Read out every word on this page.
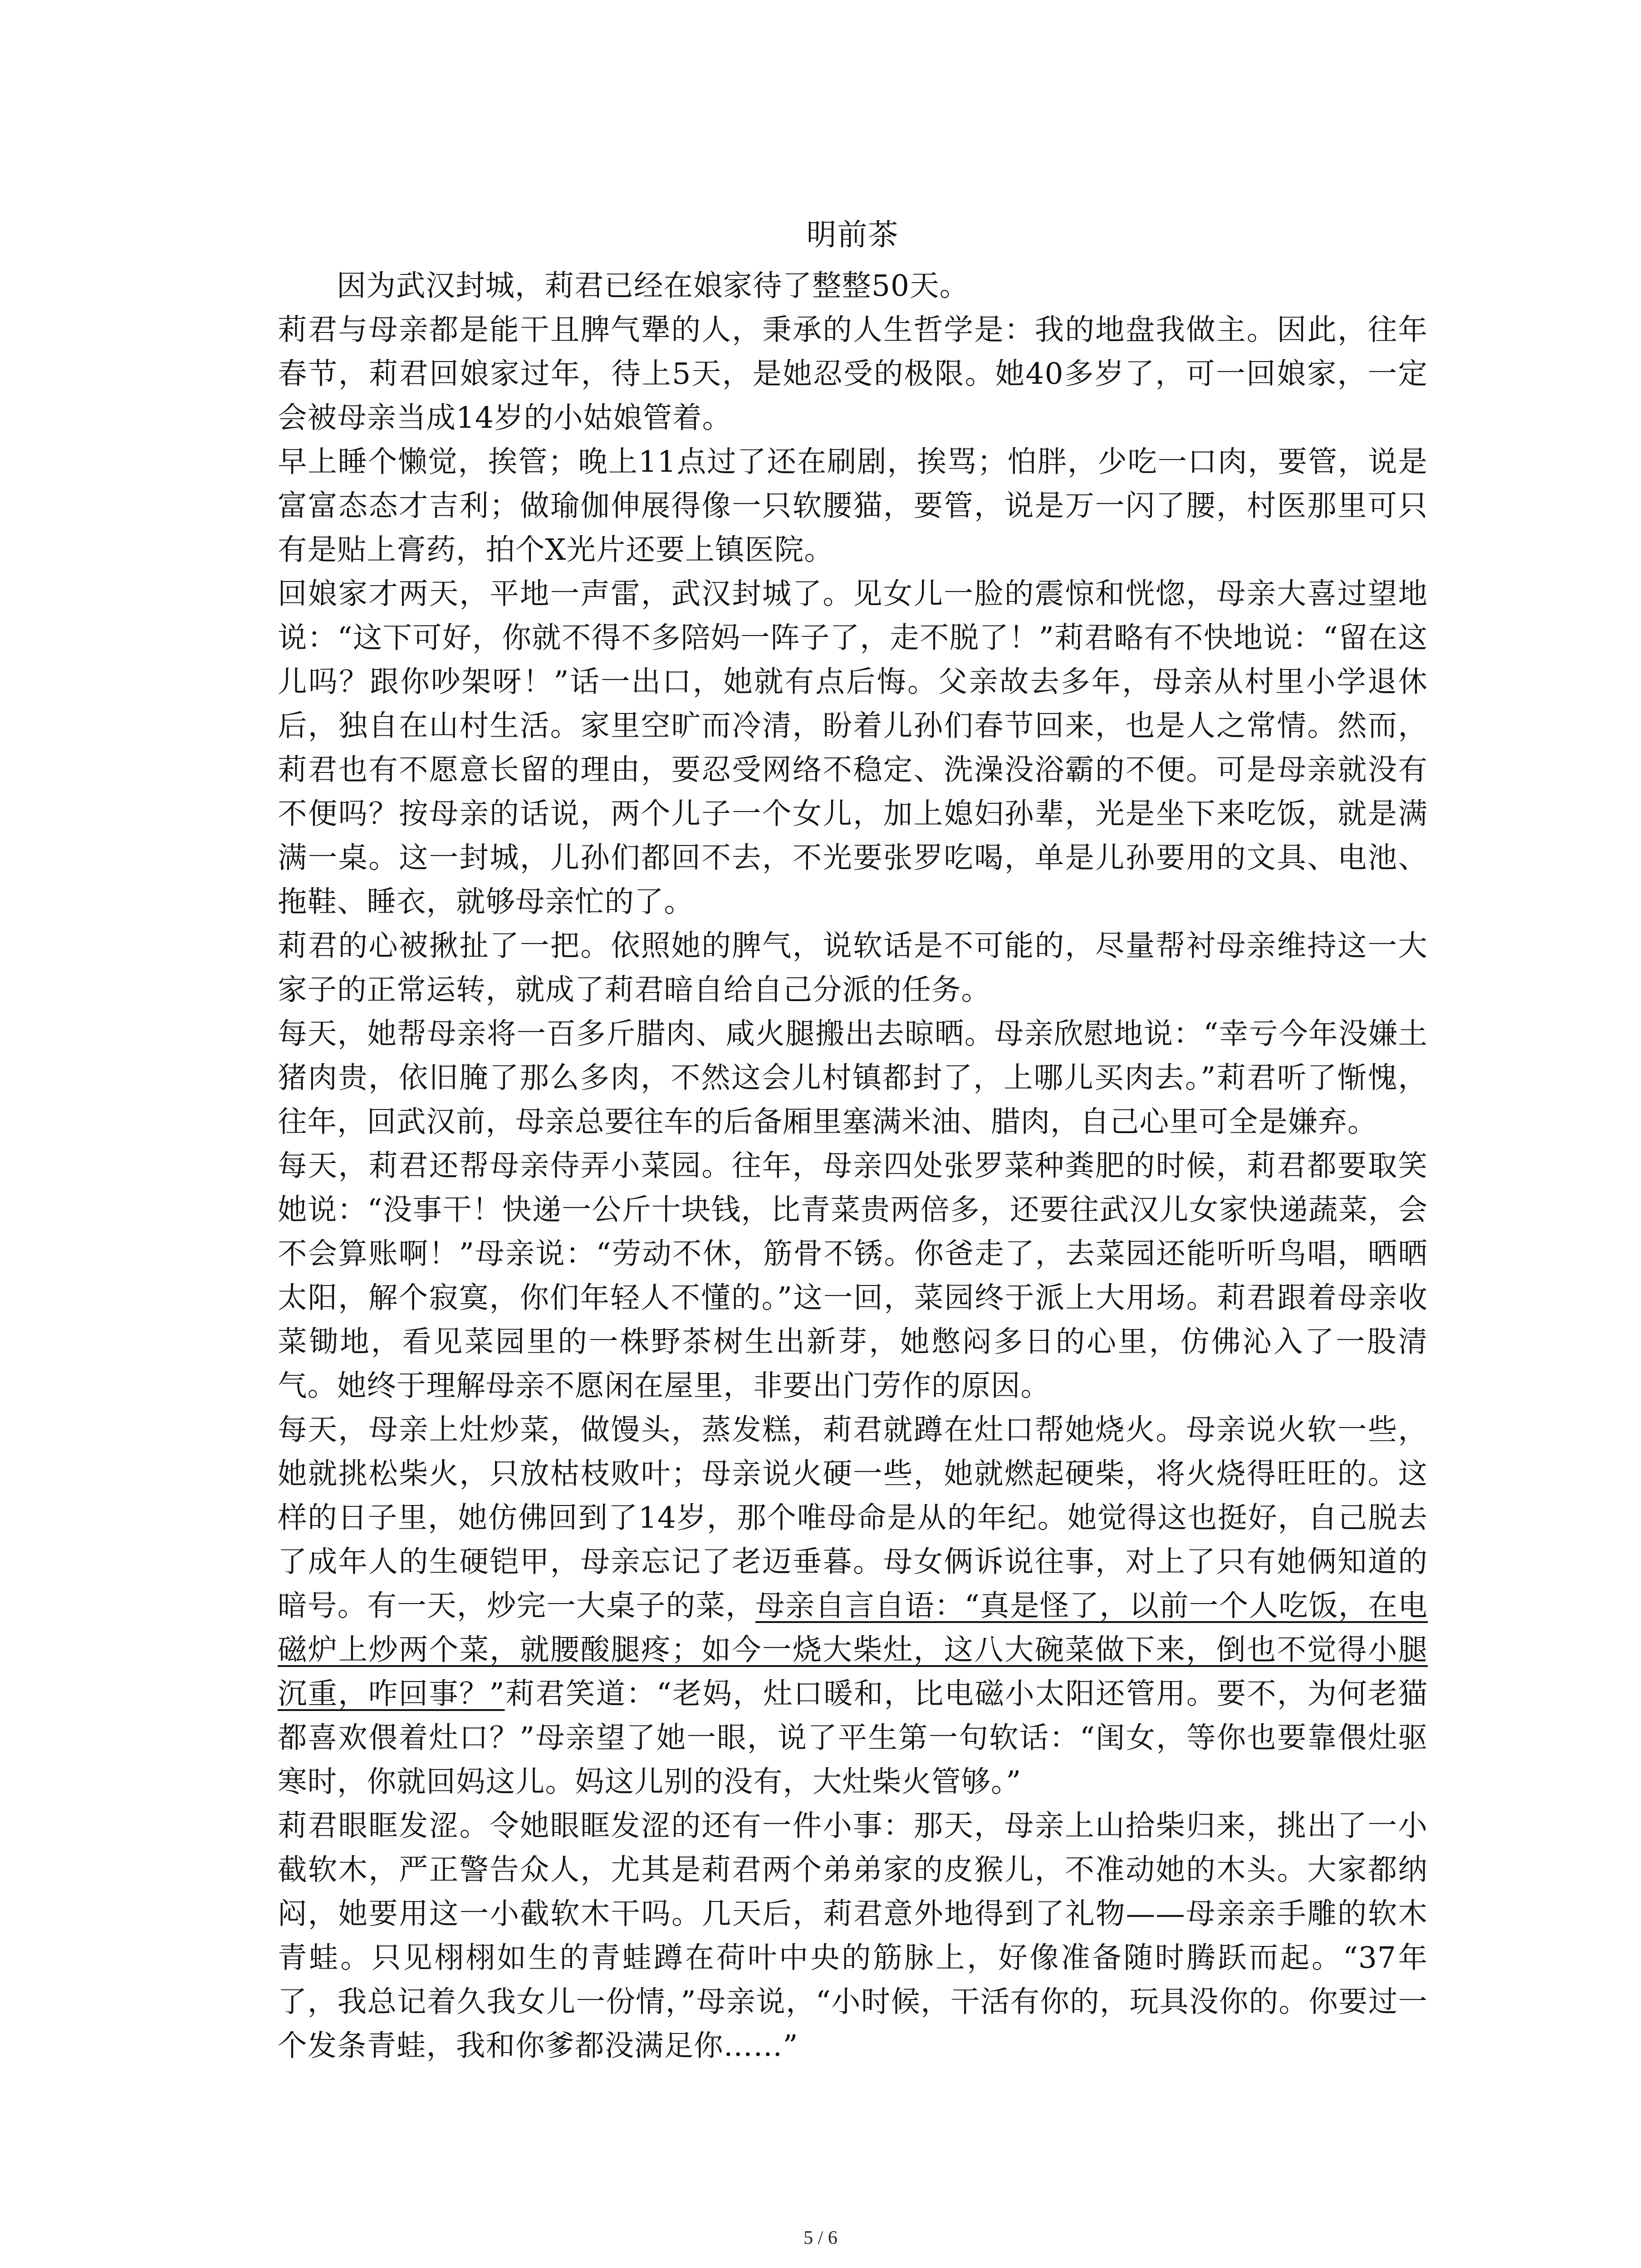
明前茶

因为武汉封城，莉君已经在娘家待了整整50天。

莉君与母亲都是能干且脾气犟的人，秉承的人生哲学是：我的地盘我做主。因此，往年春节，莉君回娘家过年，待上5天，是她忍受的极限。她40多岁了，可一回娘家，一定会被母亲当成14岁的小姑娘管着。

早上睡个懒觉，挨管；晚上11点过了还在刷剧，挨骂；怕胖，少吃一口肉，要管，说是富富态态才吉利；做瑜伽伸展得像一只软腰猫，要管，说是万一闪了腰，村医那里可只有是贴上膏药，拍个X光片还要上镇医院。

回娘家才两天，平地一声雷，武汉封城了。见女儿一脸的震惊和恍惚，母亲大喜过望地说：“这下可好，你就不得不多陪妈一阵子了，走不脱了！”莉君略有不快地说：“留在这儿吗？跟你吵架呀！”话一出口，她就有点后悔。父亲故去多年，母亲从村里小学退休后，独自在山村生活。家里空旷而冷清，盼着儿孙们春节回来，也是人之常情。然而，莉君也有不愿意长留的理由，要忍受网络不稳定、洗澡没浴霸的不便。可是母亲就没有不便吗？按母亲的话说，两个儿子一个女儿，加上媳妇孙辈，光是坐下来吃饭，就是满满一桌。这一封城，儿孙们都回不去，不光要张罗吃喝，单是儿孙要用的文具、电池、拖鞋、睡衣，就够母亲忙的了。

莉君的心被揪扯了一把。依照她的脾气，说软话是不可能的，尽量帮衬母亲维持这一大家子的正常运转，就成了莉君暗自给自己分派的任务。

每天，她帮母亲将一百多斤腊肉、咸火腿搬出去晾晒。母亲欣慰地说：“幸亏今年没嫌土猪肉贵，依旧腌了那么多肉，不然这会儿村镇都封了，上哪儿买肉去。”莉君听了惭愧，往年，回武汉前，母亲总要往车的后备厢里塞满米油、腊肉，自己心里可全是嫌弃。

每天，莉君还帮母亲侍弄小菜园。往年，母亲四处张罗菜种粪肥的时候，莉君都要取笑她说：“没事干！快递一公斤十块钱，比青菜贵两倍多，还要往武汉儿女家快递蔬菜，会不会算账啊！”母亲说：“劳动不休，筋骨不锈。你爸走了，去菜园还能听听鸟唱，晒晒太阳，解个寂寞，你们年轻人不懂的。”这一回，菜园终于派上大用场。莉君跟着母亲收菜锄地，看见菜园里的一株野茶树生出新芽，她憋闷多日的心里，仿佛沁入了一股清气。她终于理解母亲不愿闲在屋里，非要出门劳作的原因。

每天，母亲上灶炒菜，做馒头，蒸发糕，莉君就蹲在灶口帮她烧火。母亲说火软一些，她就挑松柴火，只放枯枝败叶；母亲说火硬一些，她就燃起硬柴，将火烧得旺旺的。这样的日子里，她仿佛回到了14岁，那个唯母命是从的年纪。她觉得这也挺好，自己脱去了成年人的生硬铠甲，母亲忘记了老迈垂暮。母女俩诉说往事，对上了只有她俩知道的暗号。有一天，炒完一大桌子的菜，母亲自言自语：“真是怪了，以前一个人吃饭，在电磁炉上炒两个菜，就腰酸腿疼；如今一烧大柴灶，这八大碗菜做下来，倒也不觉得小腿沉重，咋回事？”莉君笑道：“老妈，灶口暖和，比电磁小太阳还管用。要不，为何老猫都喜欢偎着灶口？”母亲望了她一眼，说了平生第一句软话：“闺女，等你也要靠偎灶驱寒时，你就回妈这儿。妈这儿别的没有，大灶柴火管够。”

莉君眼眶发涩。令她眼眶发涩的还有一件小事：那天，母亲上山拾柴归来，挑出了一小截软木，严正警告众人，尤其是莉君两个弟弟家的皮猴儿，不准动她的木头。大家都纳闷，她要用这一小截软木干吗。几天后，莉君意外地得到了礼物——母亲亲手雕的软木青蛙。只见栩栩如生的青蛙蹲在荷叶中央的筋脉上，好像准备随时腾跃而起。“37年了，我总记着久我女儿一份情，”母亲说，“小时候，干活有你的，玩具没你的。你要过一个发条青蛙，我和你爹都没满足你……”

5 / 6
